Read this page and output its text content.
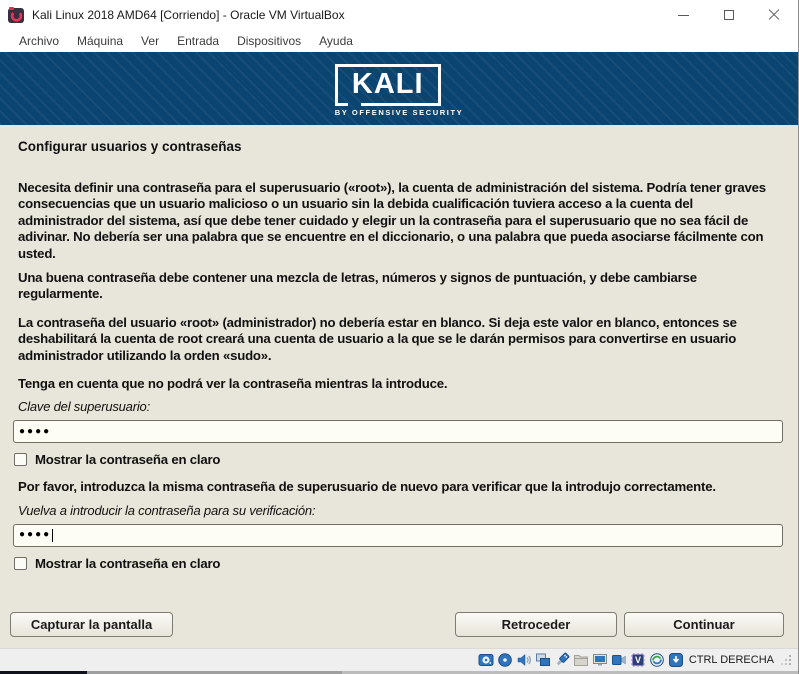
Kali Linux 2018 AMD64 [Corriendo] - Oracle VM VirtualBox
Archivo	Máquina	Ver	Entrada	Dispositivos	Ayuda
KALI
BY OFFENSIVE SECURITY
Configurar usuarios y contraseñas
Necesita definir una contraseña para el superusuario («root»), la cuenta de administración del sistema. Podría tener graves consecuencias que un usuario malicioso o un usuario sin la debida cualificación tuviera acceso a la cuenta del administrador del sistema, así que debe tener cuidado y elegir un la contraseña para el superusuario que no sea fácil de adivinar. No debería ser una palabra que se encuentre en el diccionario, o una palabra que pueda asociarse fácilmente con usted.
Una buena contraseña debe contener una mezcla de letras, números y signos de puntuación, y debe cambiarse regularmente.
La contraseña del usuario «root» (administrador) no debería estar en blanco. Si deja este valor en blanco, entonces se deshabilitará la cuenta de root creará una cuenta de usuario a la que se le darán permisos para convertirse en usuario administrador utilizando la orden «sudo».
Tenga en cuenta que no podrá ver la contraseña mientras la introduce.
Clave del superusuario:
●●●●
Mostrar la contraseña en claro
Por favor, introduzca la misma contraseña de superusuario de nuevo para verificar que la introdujo correctamente.
Vuelva a introducir la contraseña para su verificación:
●●●●
Mostrar la contraseña en claro
Capturar la pantalla	Retroceder	Continuar
V	CTRL DERECHA
